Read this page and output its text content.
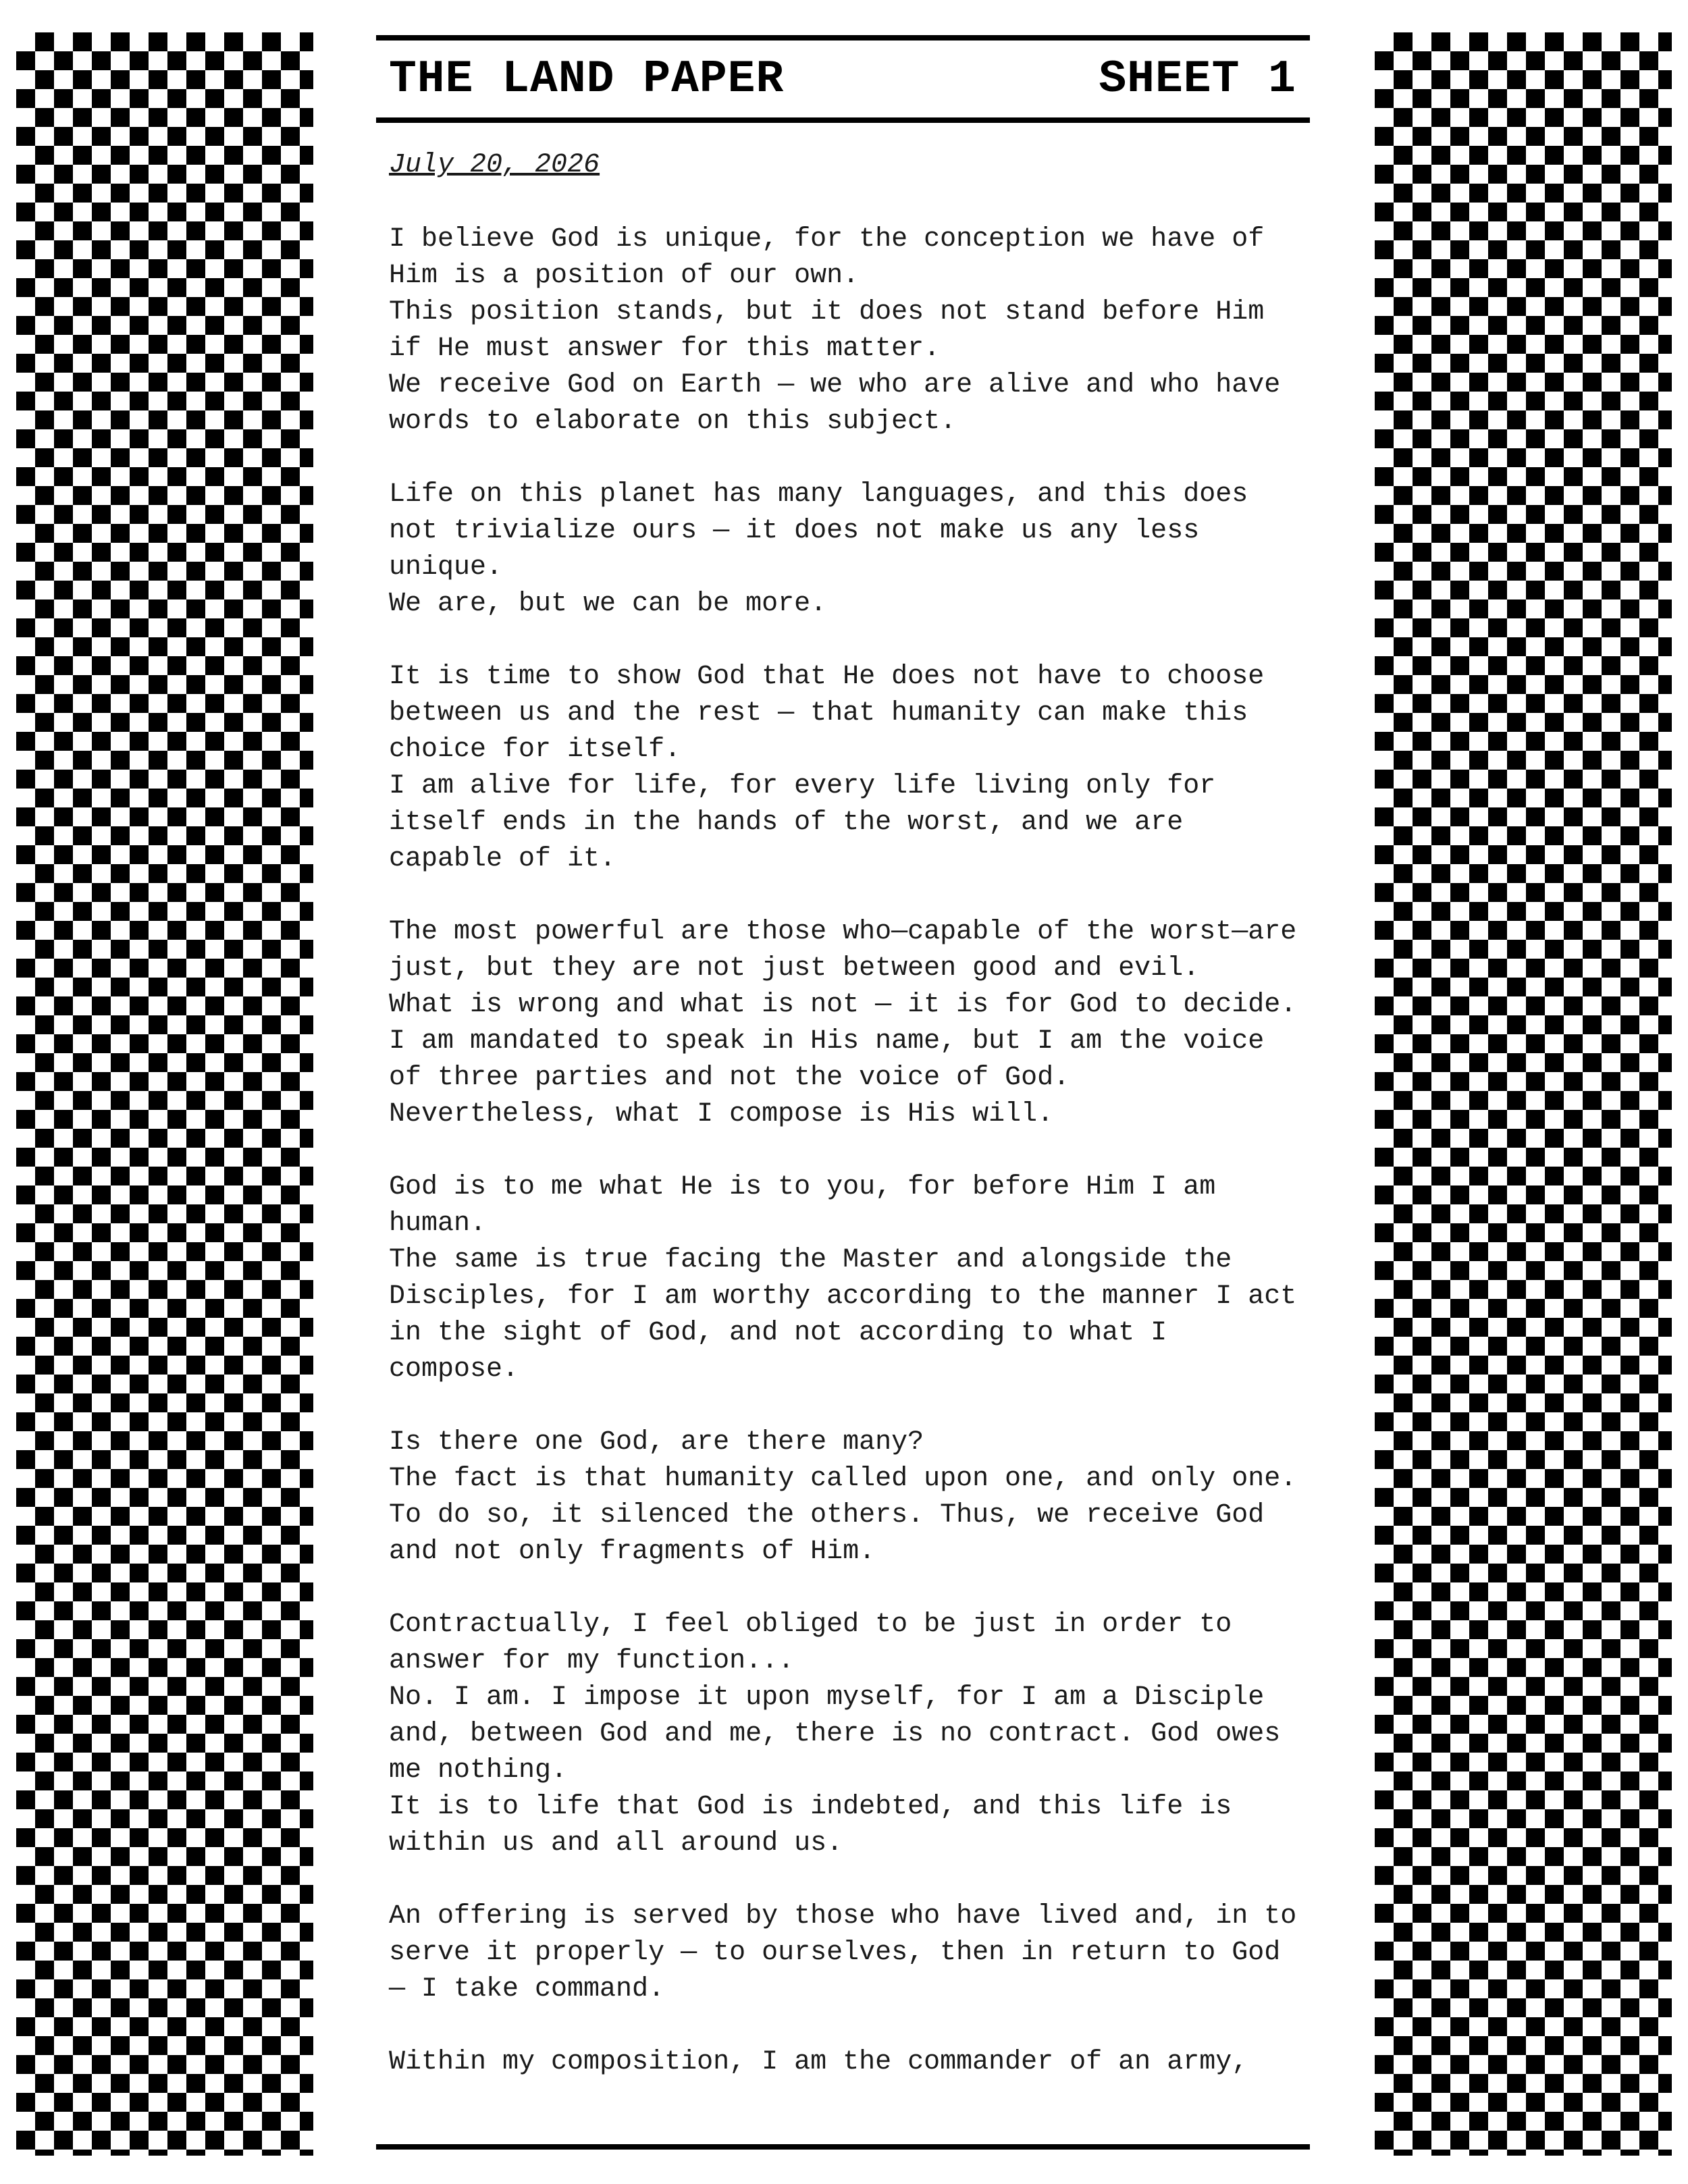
THE LAND PAPER	SHEET 1

July 20, 2026

I believe God is unique, for the conception we have of
Him is a position of our own.
This position stands, but it does not stand before Him
if He must answer for this matter.
We receive God on Earth — we who are alive and who have
words to elaborate on this subject.
Life on this planet has many languages, and this does
not trivialize ours — it does not make us any less
unique.
We are, but we can be more.
It is time to show God that He does not have to choose
between us and the rest — that humanity can make this
choice for itself.
I am alive for life, for every life living only for
itself ends in the hands of the worst, and we are
capable of it.
The most powerful are those who—capable of the worst—are
just, but they are not just between good and evil.
What is wrong and what is not — it is for God to decide.
I am mandated to speak in His name, but I am the voice
of three parties and not the voice of God.
Nevertheless, what I compose is His will.
God is to me what He is to you, for before Him I am
human.
The same is true facing the Master and alongside the
Disciples, for I am worthy according to the manner I act
in the sight of God, and not according to what I
compose.
Is there one God, are there many?
The fact is that humanity called upon one, and only one.
To do so, it silenced the others. Thus, we receive God
and not only fragments of Him.
Contractually, I feel obliged to be just in order to
answer for my function...
No. I am. I impose it upon myself, for I am a Disciple
and, between God and me, there is no contract. God owes
me nothing.
It is to life that God is indebted, and this life is
within us and all around us.
An offering is served by those who have lived and, in to
serve it properly — to ourselves, then in return to God
— I take command.
Within my composition, I am the commander of an army,
